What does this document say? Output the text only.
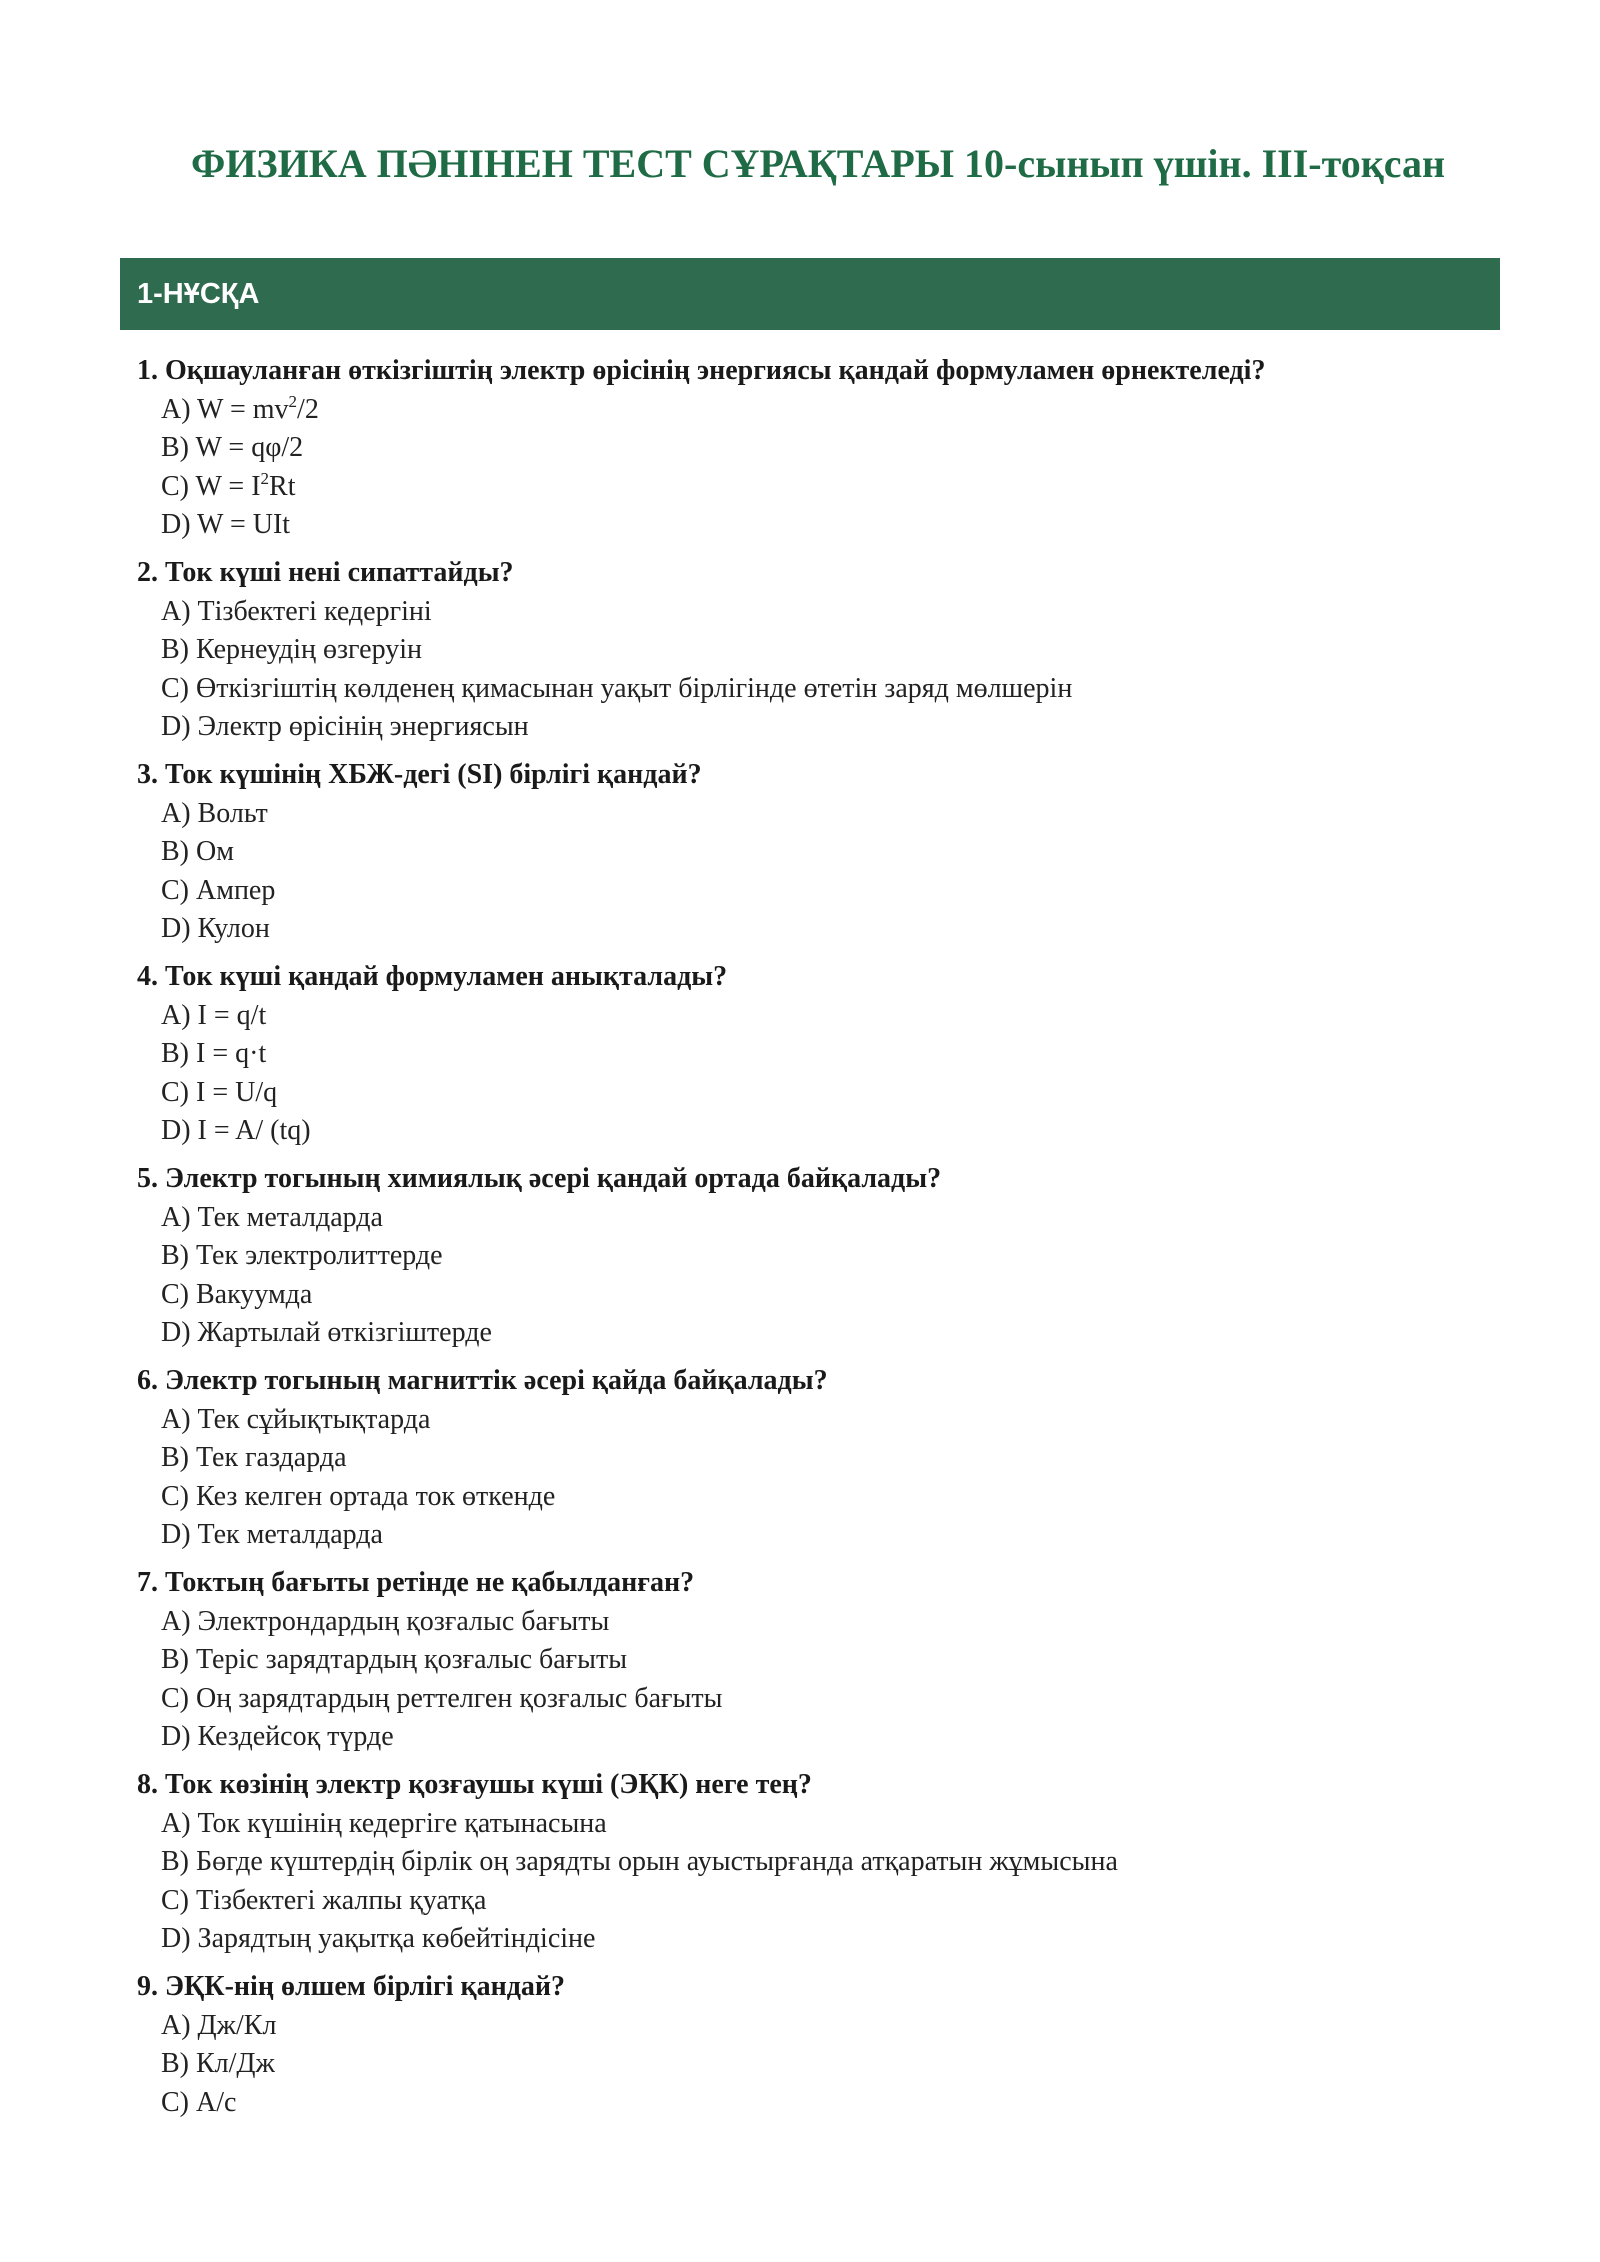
ФИЗИКА ПӘНІНЕН ТЕСТ СҰРАҚТАРЫ 10-сынып үшін. ІІІ-тоқсан
1-НҰСҚА
1. Оқшауланған өткізгіштің электр өрісінің энергиясы қандай формуламен өрнектеледі?
A) $W = mv^2/2$
B) W = qφ/2
C) $W = I^2Rt$
D) W = UIt
2. Ток күші нені сипаттайды?
A) Тізбектегі кедергіні
B) Кернеудің өзгеруін
C) Өткізгіштің көлденең қимасынан уақыт бірлігінде өтетін заряд мөлшерін
D) Электр өрісінің энергиясын
3. Ток күшінің ХБЖ-дегі (SI) бірлігі қандай?
A) Вольт
B) Ом
C) Ампер
D) Кулон
4. Ток күші қандай формуламен анықталады?
A) I = q/t
B) I = q·t
C) I = U/q
D) I = A/ (tq)
5. Электр тогының химиялық әсері қандай ортада байқалады?
A) Тек металдарда
B) Тек электролиттерде
C) Вакуумда
D) Жартылай өткізгіштерде
6. Электр тогының магниттік әсері қайда байқалады?
A) Тек сұйықтықтарда
B) Тек газдарда
C) Кез келген ортада ток өткенде
D) Тек металдарда
7. Токтың бағыты ретінде не қабылданған?
A) Электрондардың қозғалыс бағыты
B) Теріс зарядтардың қозғалыс бағыты
C) Оң зарядтардың реттелген қозғалыс бағыты
D) Кездейсоқ түрде
8. Ток көзінің электр қозғаушы күші (ЭҚК) неге тең?
A) Ток күшінің кедергіге қатынасына
B) Бөгде күштердің бірлік оң зарядты орын ауыстырғанда атқаратын жұмысына
C) Тізбектегі жалпы қуатқа
D) Зарядтың уақытқа көбейтіндісіне
9. ЭҚК-нің өлшем бірлігі қандай?
A) Дж/Кл
B) Кл/Дж
C) А/с
